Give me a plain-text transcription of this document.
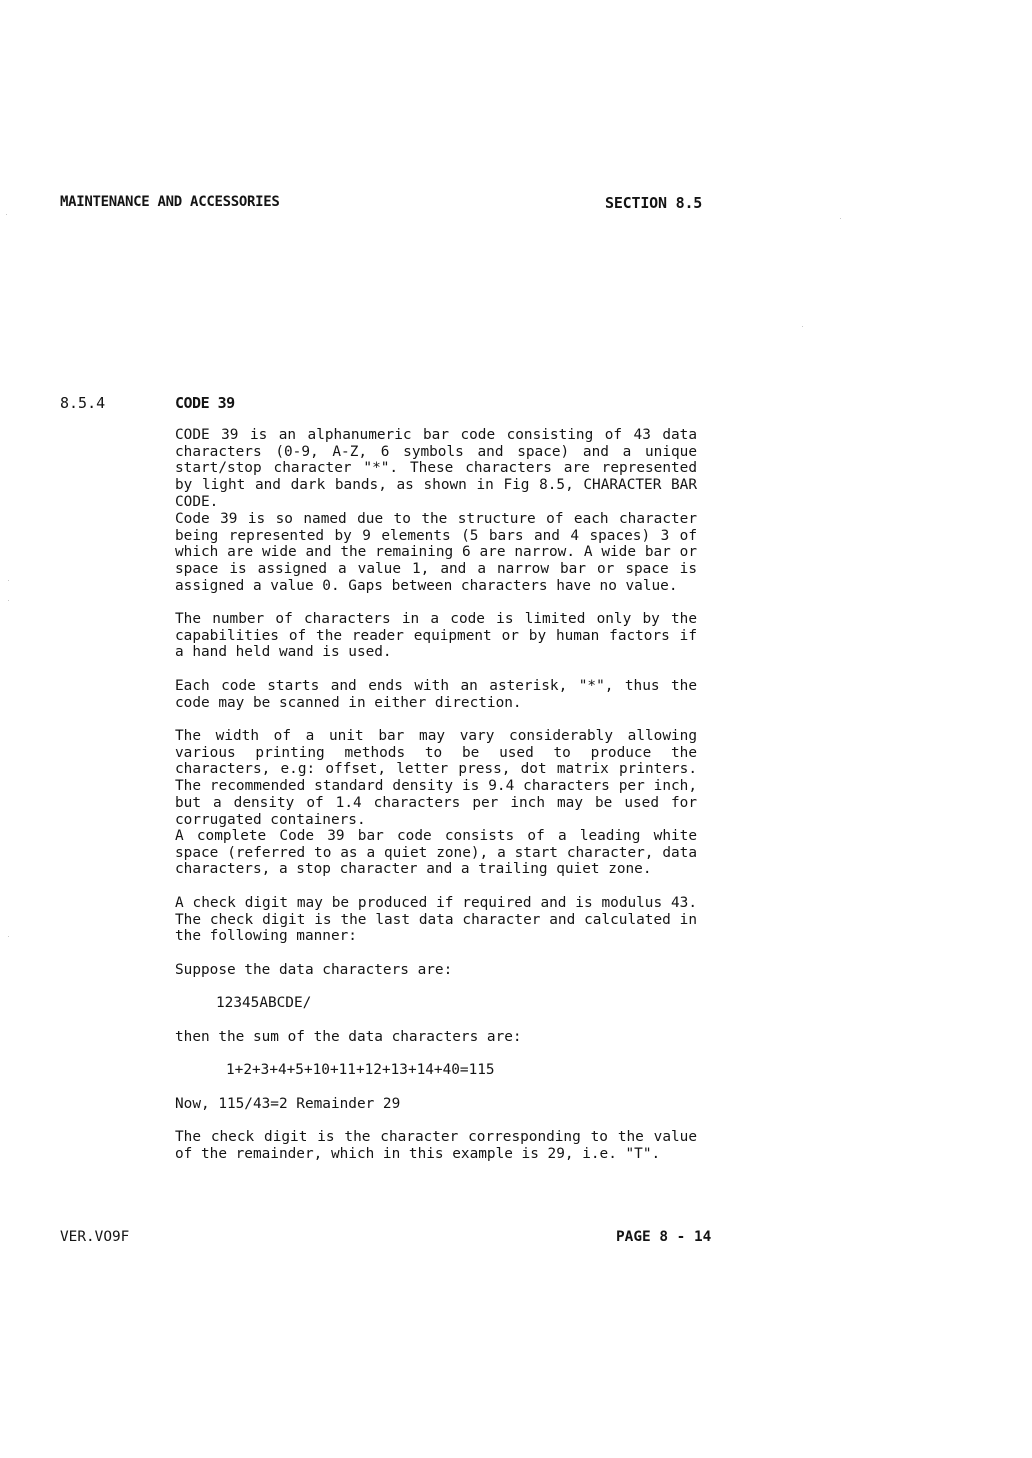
MAINTENANCE AND ACCESSORIES	SECTION 8.5

8.5.4	CODE 39

CODE 39 is an alphanumeric bar code consisting of 43 data characters (0-9, A-Z, 6 symbols and space) and a unique start/stop character "*". These characters are represented by light and dark bands, as shown in Fig 8.5, CHARACTER BAR CODE.

Code 39 is so named due to the structure of each character being represented by 9 elements (5 bars and 4 spaces) 3 of which are wide and the remaining 6 are narrow. A wide bar or space is assigned a value 1, and a narrow bar or space is assigned a value 0. Gaps between characters have no value.

The number of characters in a code is limited only by the capabilities of the reader equipment or by human factors if a hand held wand is used.

Each code starts and ends with an asterisk, "*", thus the code may be scanned in either direction.

The width of a unit bar may vary considerably allowing various printing methods to be used to produce the characters, e.g: offset, letter press, dot matrix printers. The recommended standard density is 9.4 characters per inch, but a density of 1.4 characters per inch may be used for corrugated containers.

A complete Code 39 bar code consists of a leading white space (referred to as a quiet zone), a start character, data characters, a stop character and a trailing quiet zone.

A check digit may be produced if required and is modulus 43. The check digit is the last data character and calculated in the following manner:

Suppose the data characters are:

12345ABCDE/

then the sum of the data characters are:

1+2+3+4+5+10+11+12+13+14+40=115

Now, 115/43=2 Remainder 29

The check digit is the character corresponding to the value of the remainder, which in this example is 29, i.e. "T".

VER.VO9F	PAGE 8 - 14
